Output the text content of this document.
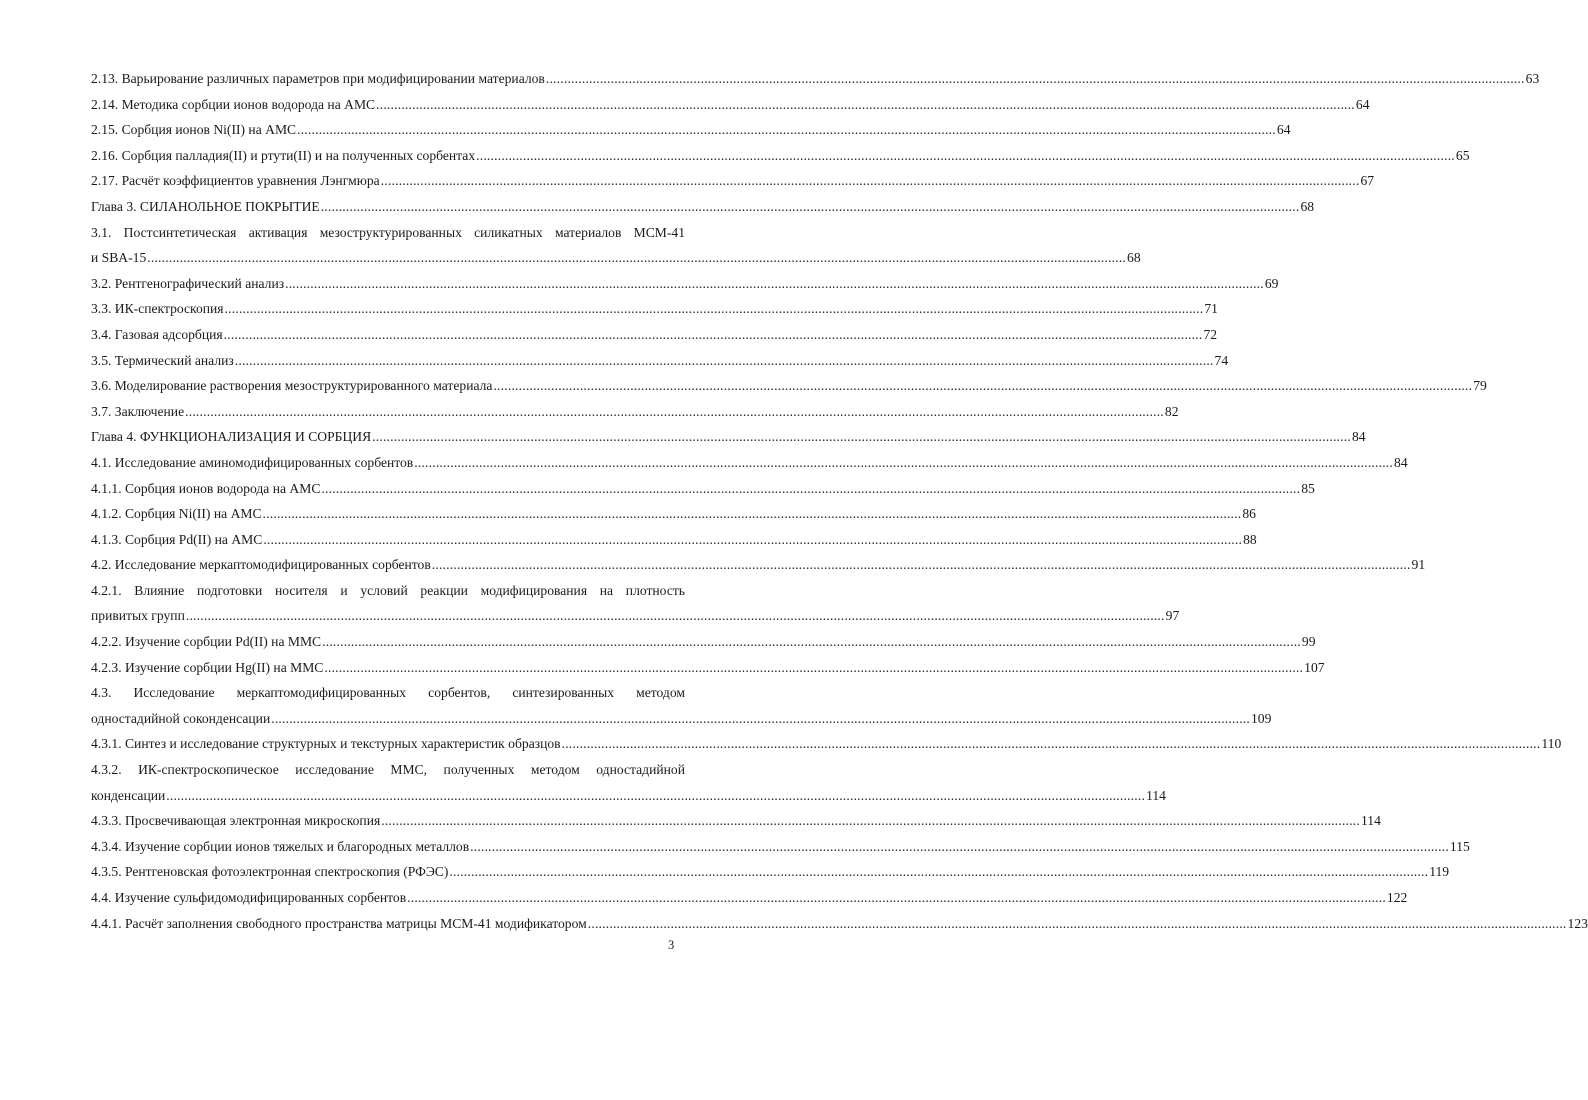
2.13. Варьирование различных параметров при модифицировании материалов .....	63
2.14. Методика сорбции ионов водорода на АМС .....	64
2.15. Сорбция ионов Ni(II) на АМС .....	64
2.16. Сорбция палладия(II) и ртути(II) и на полученных сорбентах .....	65
2.17. Расчёт коэффициентов уравнения Лэнгмюра .....	67
Глава 3. СИЛАНОЛЬНОЕ ПОКРЫТИЕ .....	68
3.1. Постсинтетическая активация мезоструктурированных силикатных материалов МСМ-41
и SBA-15 .....	68
3.2. Рентгенографический анализ .....	69
3.3. ИК-спектроскопия .....	71
3.4. Газовая адсорбция .....	72
3.5. Термический анализ .....	74
3.6. Моделирование растворения мезоструктурированного материала .....	79
3.7. Заключение .....	82
Глава 4. ФУНКЦИОНАЛИЗАЦИЯ И СОРБЦИЯ .....	84
4.1. Исследование аминомодифицированных сорбентов .....	84
4.1.1. Сорбция ионов водорода на АМС .....	85
4.1.2. Сорбция Ni(II) на АМС .....	86
4.1.3. Сорбция Pd(II) на АМС .....	88
4.2. Исследование меркаптомодифицированных сорбентов .....	91
4.2.1. Влияние подготовки носителя и условий реакции модифицирования на плотность
привитых групп .....	97
4.2.2. Изучение сорбции Pd(II) на ММС .....	99
4.2.3. Изучение сорбции Hg(II) на ММС .....	107
4.3. Исследование меркаптомодифицированных сорбентов, синтезированных методом
одностадийной соконденсации .....	109
4.3.1. Синтез и исследование структурных и текстурных характеристик образцов .....	110
4.3.2. ИК-спектроскопическое исследование ММС, полученных методом одностадийной
конденсации .....	114
4.3.3. Просвечивающая электронная микроскопия .....	114
4.3.4. Изучение сорбции ионов тяжелых и благородных металлов .....	115
4.3.5. Рентгеновская фотоэлектронная спектроскопия (РФЭС) .....	119
4.4. Изучение сульфидомодифицированных сорбентов .....	122
4.4.1. Расчёт заполнения свободного пространства матрицы МСМ-41 модификатором .....	123
3
